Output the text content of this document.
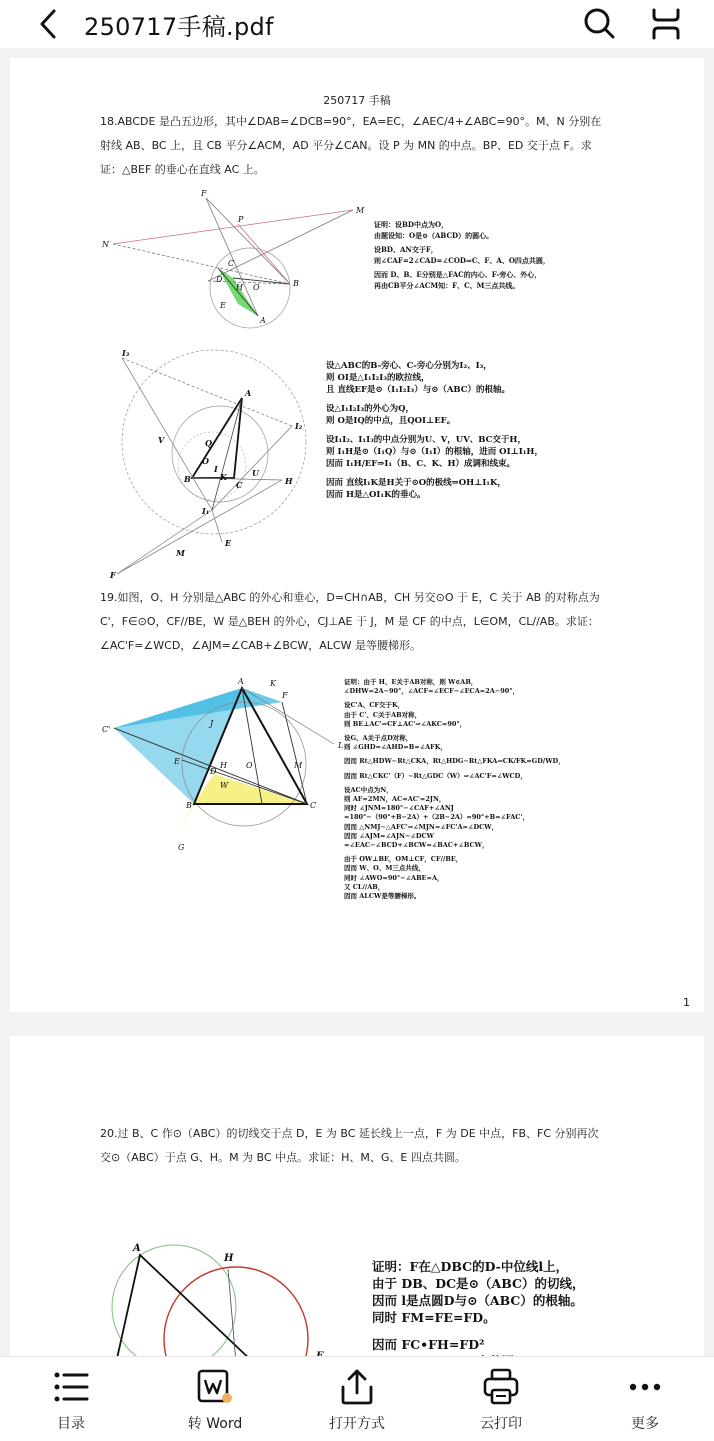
250717手稿.pdf
250717 手稿
18.ABCDE 是凸五边形，其中∠DAB=∠DCB=90°，EA=EC，∠AEC/4+∠ABC=90°。M、N 分别在射线 AB、BC 上，且 CB 平分∠ACM，AD 平分∠CAN。设 P 为 MN 的中点。BP、ED 交于点 F。求证：△BEF 的垂心在直线 AC 上。
F
P
M
N
C
D
H O	B
E
A
证明：设BD中点为O，
由题设知：O是⊙（ABCD）的圆心。
设BD、AN交于F，
则∠CAF=2∠CAD=∠COD⇒C、F、A、O四点共圆，
因而 D、B、E分别是△FAC的内心、F-旁心、外心，
再由CB平分∠ACM知：F、C、M三点共线。
I₃
Q
A
I₂
V
O
I
K	U
B
C	H
I₁
M
E
F
设△ABC的B-旁心、C-旁心分别为I₂、I₃，
则 OI是△I₁I₂I₃的欧拉线，
且 直线EF是⊙（I₁I₂I₃）与⊙（ABC）的根轴。
设△I₁I₂I₃的外心为Q，
则 O是IQ的中点，且QOI⊥EF。
设I₁I₂、I₁I₃的中点分别为U、V，UV、BC交于H，
则 I₁H是⊙（I₁Q）与⊙（I₁I）的根轴，进而 OI⊥I₁H，
因而 I₁H/EF⇒I₁（B、C、K、H）成调和线束。
因而 直线I₁K是H关于⊙O的极线⇒OH⊥I₁K，
因而 H是△OI₁K的垂心。
19.如图，O、H 分别是△ABC 的外心和垂心，D=CH∩AB，CH 另交⊙O 于 E，C 关于 AB 的对称点为 C'，F∈⊙O，CF//BE，W 是△BEH 的外心，CJ⊥AE 于 J，M 是 CF 的中点，L∈OM，CL//AB。求证：∠AC'F=∠WCD，∠AJM=∠CAB+∠BCW，ALCW 是等腰梯形。
K
A
F
C'
J
L
E	H O	M
D
W
B	C
G
证明：由于 H、E关于AB对称，则 W∈AB，
∠DHW=2A−90°，∠ACF=∠ECF−∠ECA=2A−90°，
设C'A、CF交于K，
由于 C'、C关于AB对称，
则 BE⊥AC'⇒CF⊥AC'⇒∠AKC=90°，
设G、A关于点D对称，
则 ∠GHD=∠AHD=B=∠AFK，
因而 Rt△HDW∼Rt△CKA，Rt△HDG∼Rt△FKA⇒CK/FK=GD/WD，
因而 Rt△CKC'（F）∼Rt△GDC（W）⇒∠AC'F=∠WCD，
设AC中点为N，
则 AF=2MN，AC=AC'=2JN，
同时 ∠JNM=180°−∠CAF+∠ANJ
=180°−（90°+B−2A）+（2B−2A）=90°+B=∠FAC'，
因而 △NMJ∼△AFC'⇒∠MJN=∠FC'A=∠DCW，
因而 ∠AJM=∠AJN−∠DCW
=∠EAC−∠BCD+∠BCW=∠BAC+∠BCW，
由于 OW⊥BE，OM⊥CF，CF//BE，
因而 W、O、M三点共线，
同时 ∠AWO=90°−∠ABE=A，
又 CL//AB，
因而 ALCW是等腰梯形。
1
20.过 B、C 作⊙（ABC）的切线交于点 D，E 为 BC 延长线上一点，F 为 DE 中点，FB、FC 分别再次交⊙（ABC）于点 G、H。M 为 BC 中点。求证：H、M、G、E 四点共圆。
A
H
证明：F在△DBC的D-中位线l上，
由于 DB、DC是⊙（ABC）的切线，
因而 l是点圆D与⊙（ABC）的根轴。
同时 FM=FE=FD。
因而 FC•FH=FD²
目录	转 Word	打开方式	云打印	更多
